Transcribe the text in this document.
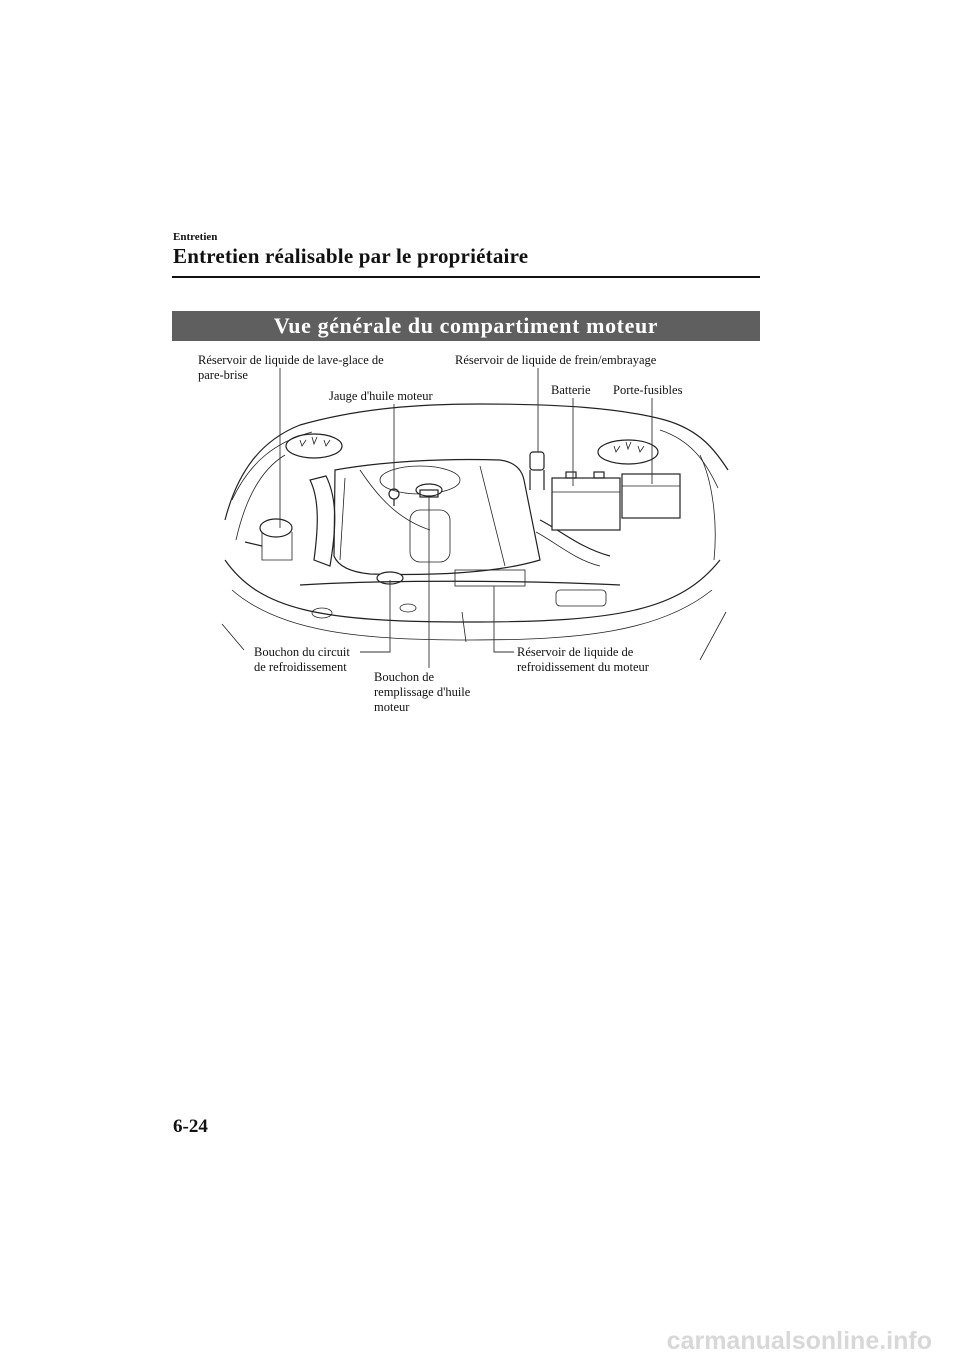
Entretien
Entretien réalisable par le propriétaire
Vue générale du compartiment moteur
Réservoir de liquide de lave-glace de
pare-brise
Jauge d'huile moteur
Réservoir de liquide de frein/embrayage
Batterie Porte-fusibles
Bouchon du circuit
de refroidissement
Bouchon de
remplissage d'huile
moteur
Réservoir de liquide de
refroidissement du moteur
6-24
carmanualsonline.info
